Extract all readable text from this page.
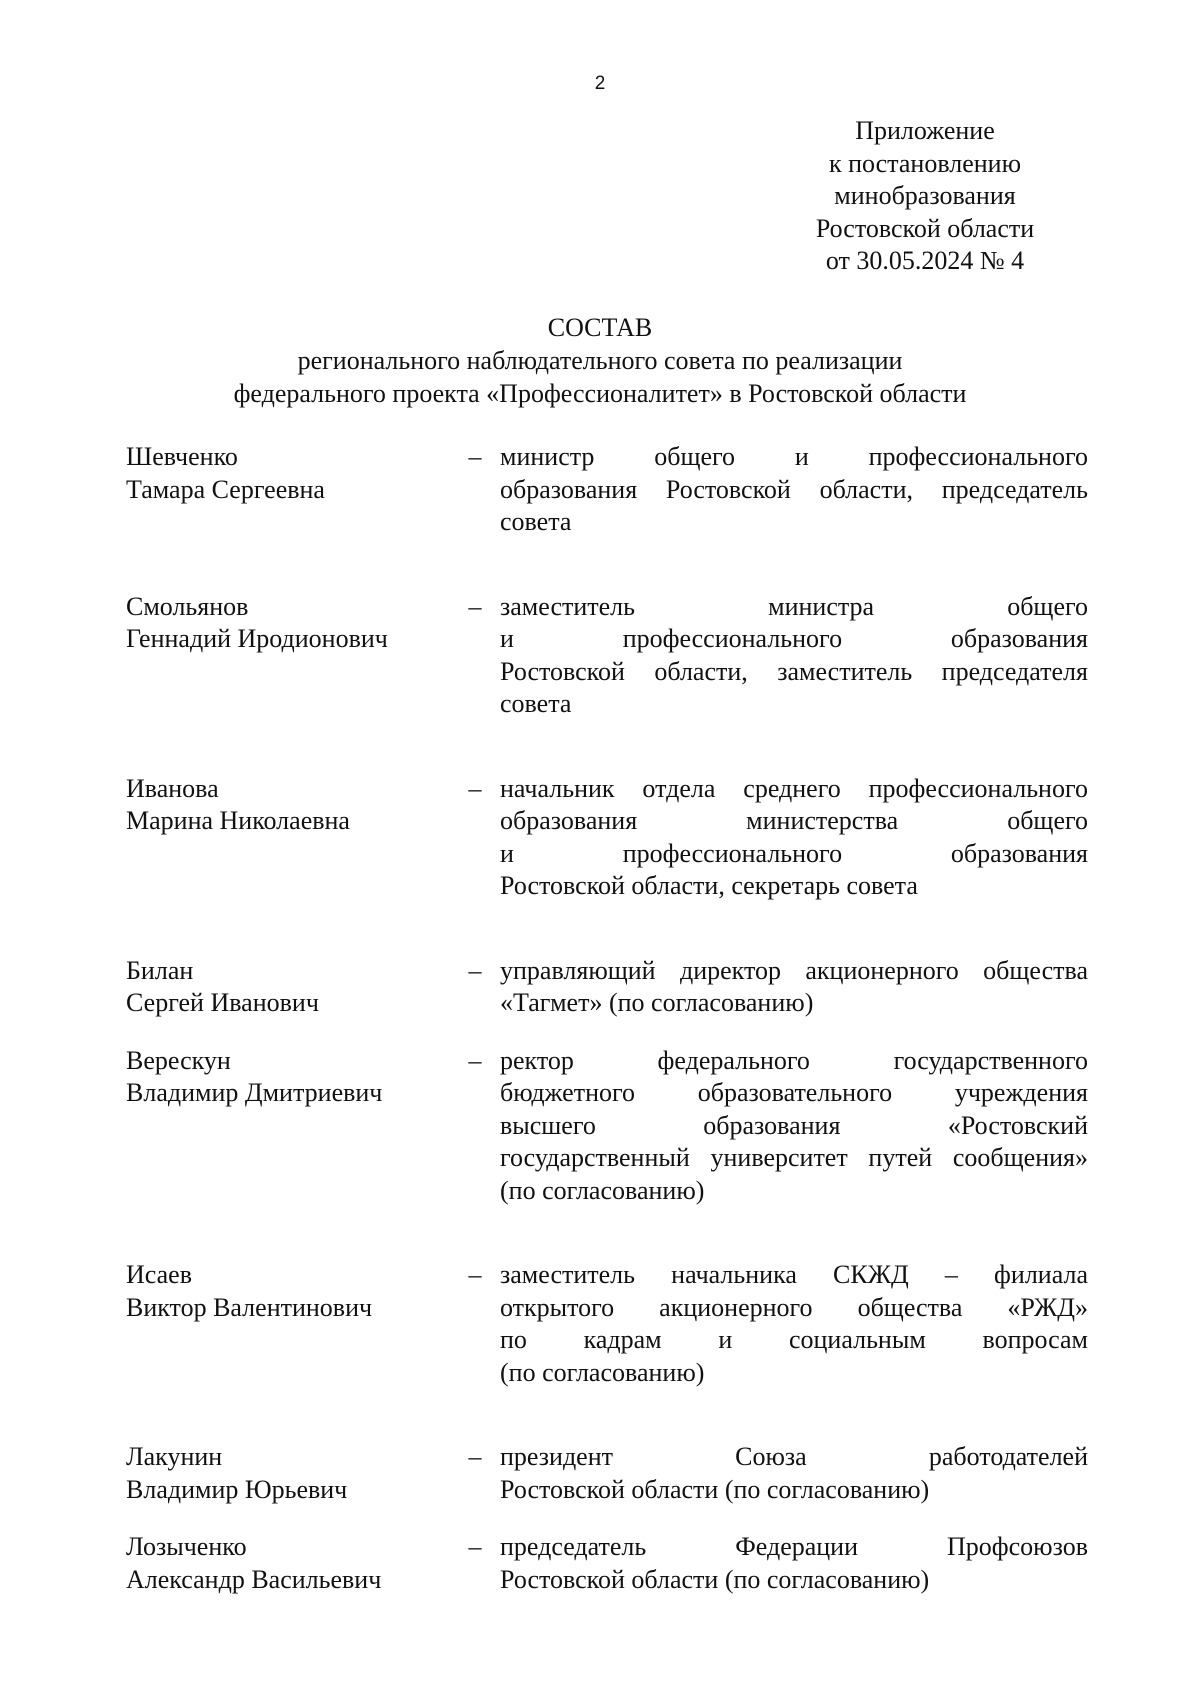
2
Приложение
к постановлению
минобразования
Ростовской области
от 30.05.2024 № 4
СОСТАВ
регионального наблюдательного совета по реализации
федерального проекта «Профессионалитет» в Ростовской области
Шевченко
Тамара Сергеевна
– министр общего и профессионального
образования Ростовской области, председатель
совета
Смольянов
Геннадий Иродионович
– заместитель министра общего
и профессионального образования
Ростовской области, заместитель председателя
совета
Иванова
Марина Николаевна
– начальник отдела среднего профессионального
образования министерства общего
и профессионального образования
Ростовской области, секретарь совета
Билан
Сергей Иванович
– управляющий директор акционерного общества
«Тагмет» (по согласованию)
Верескун
Владимир Дмитриевич
– ректор федерального государственного
бюджетного образовательного учреждения
высшего образования «Ростовский
государственный университет путей сообщения»
(по согласованию)
Исаев
Виктор Валентинович
– заместитель начальника СКЖД – филиала
открытого акционерного общества «РЖД»
по кадрам и социальным вопросам
(по согласованию)
Лакунин
Владимир Юрьевич
– президент Союза работодателей
Ростовской области (по согласованию)
Лозыченко
Александр Васильевич
– председатель Федерации Профсоюзов
Ростовской области (по согласованию)
